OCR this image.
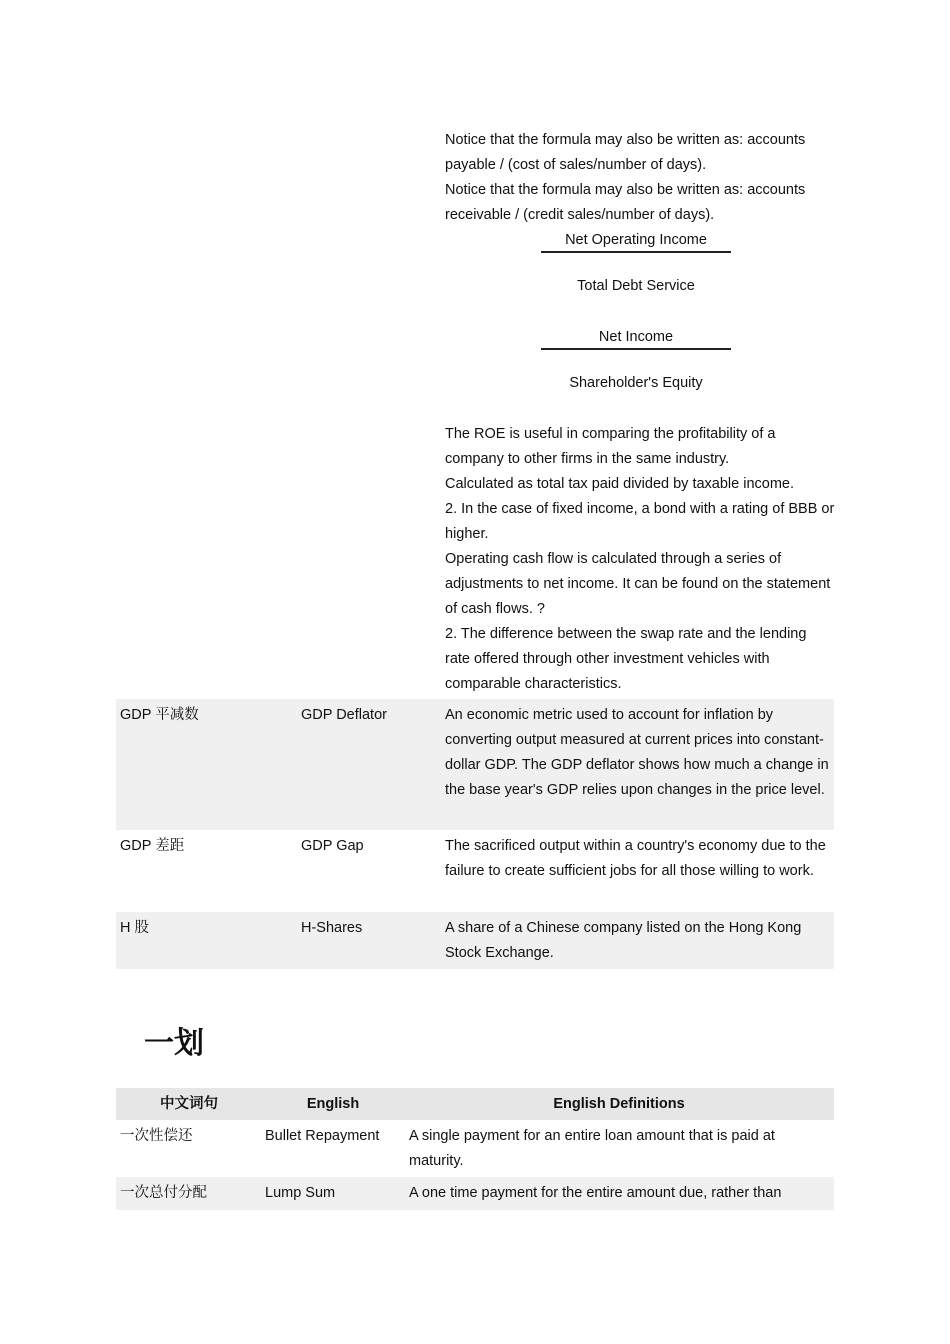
Notice that the formula may also be written as: accounts payable / (cost of sales/number of days).

Notice that the formula may also be written as: accounts receivable / (credit sales/number of days).

Net Operating Income
Total Debt Service
Net Income
Shareholder's Equity

The ROE is useful in comparing the profitability of a company to other firms in the same industry.

Calculated as total tax paid divided by taxable income.

2. In the case of fixed income, a bond with a rating of BBB or higher.

Operating cash flow is calculated through a series of adjustments to net income. It can be found on the statement of cash flows. ?

2. The difference between the swap rate and the lending rate offered through other investment vehicles with comparable characteristics.

GDP 平减数	GDP Deflator	An economic metric used to account for inflation by converting output measured at current prices into constant-dollar GDP. The GDP deflator shows how much a change in the base year's GDP relies upon changes in the price level.
GDP 差距	GDP Gap	The sacrificed output within a country's economy due to the failure to create sufficient jobs for all those willing to work.
H 股	H-Shares	A share of a Chinese company listed on the Hong Kong Stock Exchange.
一划
中文词句	English	English Definitions
一次性偿还	Bullet Repayment	A single payment for an entire loan amount that is paid at maturity.
一次总付分配	Lump Sum	A one time payment for the entire amount due, rather than
